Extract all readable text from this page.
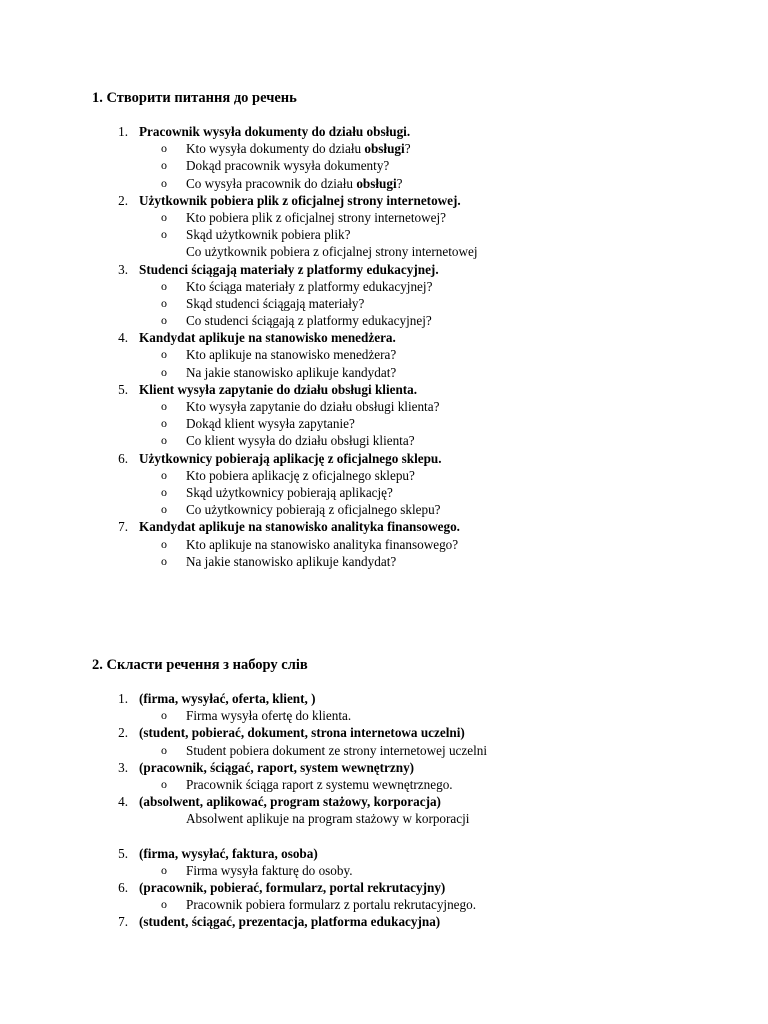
1. Створити питання до речень
1. Pracownik wysyła dokumenty do działu obsługi.
o	Kto wysyła dokumenty do działu obsługi?
o	Dokąd pracownik wysyła dokumenty?
o	Co wysyła pracownik do działu obsługi?
2. Użytkownik pobiera plik z oficjalnej strony internetowej.
o	Kto pobiera plik z oficjalnej strony internetowej?
o	Skąd użytkownik pobiera plik?
Co użytkownik pobiera z oficjalnej strony internetowej
3. Studenci ściągają materiały z platformy edukacyjnej.
o	Kto ściąga materiały z platformy edukacyjnej?
o	Skąd studenci ściągają materiały?
o	Co studenci ściągają z platformy edukacyjnej?
4. Kandydat aplikuje na stanowisko menedżera.
o	Kto aplikuje na stanowisko menedżera?
o	Na jakie stanowisko aplikuje kandydat?
5. Klient wysyła zapytanie do działu obsługi klienta.
o	Kto wysyła zapytanie do działu obsługi klienta?
o	Dokąd klient wysyła zapytanie?
o	Co klient wysyła do działu obsługi klienta?
6. Użytkownicy pobierają aplikację z oficjalnego sklepu.
o	Kto pobiera aplikację z oficjalnego sklepu?
o	Skąd użytkownicy pobierają aplikację?
o	Co użytkownicy pobierają z oficjalnego sklepu?
7. Kandydat aplikuje na stanowisko analityka finansowego.
o	Kto aplikuje na stanowisko analityka finansowego?
o	Na jakie stanowisko aplikuje kandydat?
2. Скласти речення з набору слів
1. (firma, wysyłać, oferta, klient, )
o	Firma wysyła ofertę do klienta.
2. (student, pobierać, dokument, strona internetowa uczelni)
o	Student pobiera dokument ze strony internetowej uczelni
3. (pracownik, ściągać, raport, system wewnętrzny)
o	Pracownik ściąga raport z systemu wewnętrznego.
4. (absolwent, aplikować, program stażowy, korporacja)
Absolwent aplikuje na program stażowy w korporacji
5. (firma, wysyłać, faktura, osoba)
o	Firma wysyła fakturę do osoby.
6. (pracownik, pobierać, formularz, portal rekrutacyjny)
o	Pracownik pobiera formularz z portalu rekrutacyjnego.
7. (student, ściągać, prezentacja, platforma edukacyjna)
